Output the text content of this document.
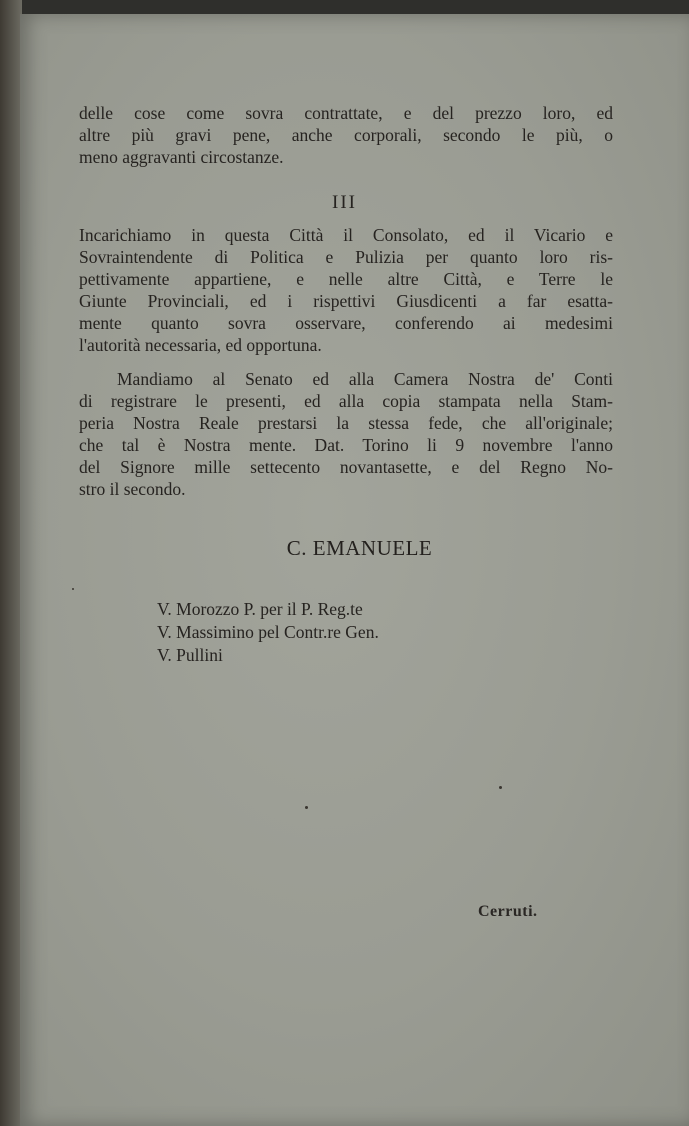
delle cose come sovra contrattate, e del prezzo loro, ed
altre più gravi pene, anche corporali, secondo le più, o
meno aggravanti circostanze.
III
Incarichiamo in questa Città il Consolato, ed il Vicario e
Sovraintendente di Politica e Pulizia per quanto loro ris-
pettivamente appartiene, e nelle altre Città, e Terre le
Giunte Provinciali, ed i rispettivi Giusdicenti a far esatta-
mente quanto sovra osservare, conferendo ai medesimi
l'autorità necessaria, ed opportuna.
Mandiamo al Senato ed alla Camera Nostra de' Conti
di registrare le presenti, ed alla copia stampata nella Stam-
peria Nostra Reale prestarsi la stessa fede, che all'originale;
che tal è Nostra mente. Dat. Torino li 9 novembre l'anno
del Signore mille settecento novantasette, e del Regno No-
stro il secondo.
C. EMANUELE
V. Morozzo P. per il P. Reg.te
V. Massimino pel Contr.re Gen.
V. Pullini
Cerruti.
